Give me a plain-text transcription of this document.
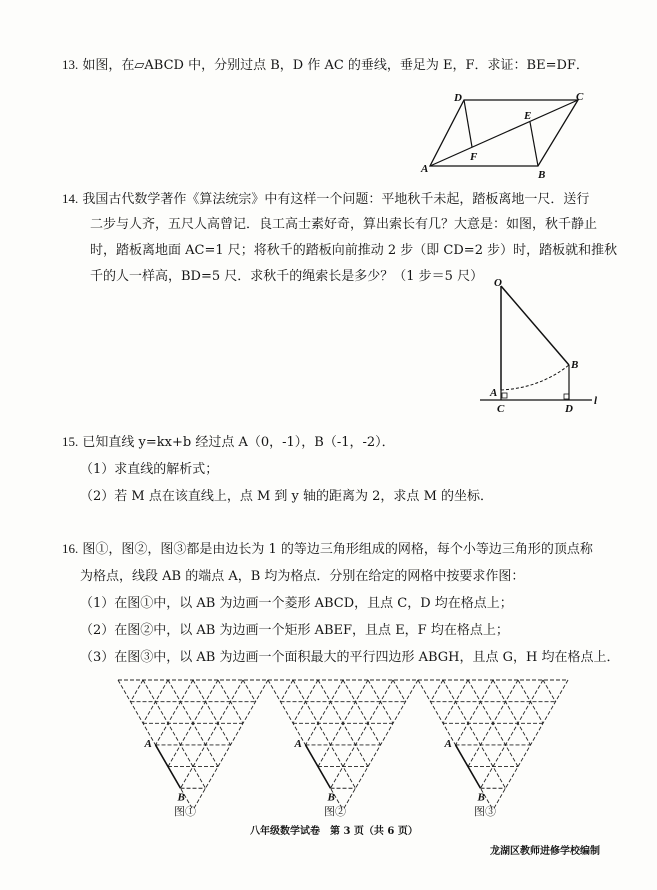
13. 如图，在▱ABCD 中，分别过点 B，D 作 AC 的垂线，垂足为 E，F．求证：BE=DF．
A	B
C
D
E
F
14. 我国古代数学著作《算法统宗》中有这样一个问题：平地秋千未起，踏板离地一尺．送行
二步与人齐，五尺人高曾记．良工高士素好奇，算出索长有几？大意是：如图，秋千静止
时，踏板离地面 AC=1 尺；将秋千的踏板向前推动 2 步（即 CD=2 步）时，踏板就和推秋
千的人一样高，BD=5 尺．求秋千的绳索长是多少？（1 步＝5 尺） O
A
B
C	D
l
15. 已知直线 y=kx+b 经过点 A（0，-1），B（-1，-2）．
（1）求直线的解析式；
（2）若 M 点在该直线上，点 M 到 y 轴的距离为 2，求点 M 的坐标．
16. 图①，图②，图③都是由边长为 1 的等边三角形组成的网格，每个小等边三角形的顶点称
为格点，线段 AB 的端点 A，B 均为格点．分别在给定的网格中按要求作图：
（1）在图①中，以 AB 为边画一个菱形 ABCD，且点 C，D 均在格点上；
（2）在图②中，以 AB 为边画一个矩形 ABEF，且点 E，F 均在格点上；
（3）在图③中，以 AB 为边画一个面积最大的平行四边形 ABGH，且点 G，H 均在格点上．
A
B
A
B
A
B
图①	图②	图③
八年级数学试卷　第 3 页（共 6 页）
龙湖区教师进修学校编制
